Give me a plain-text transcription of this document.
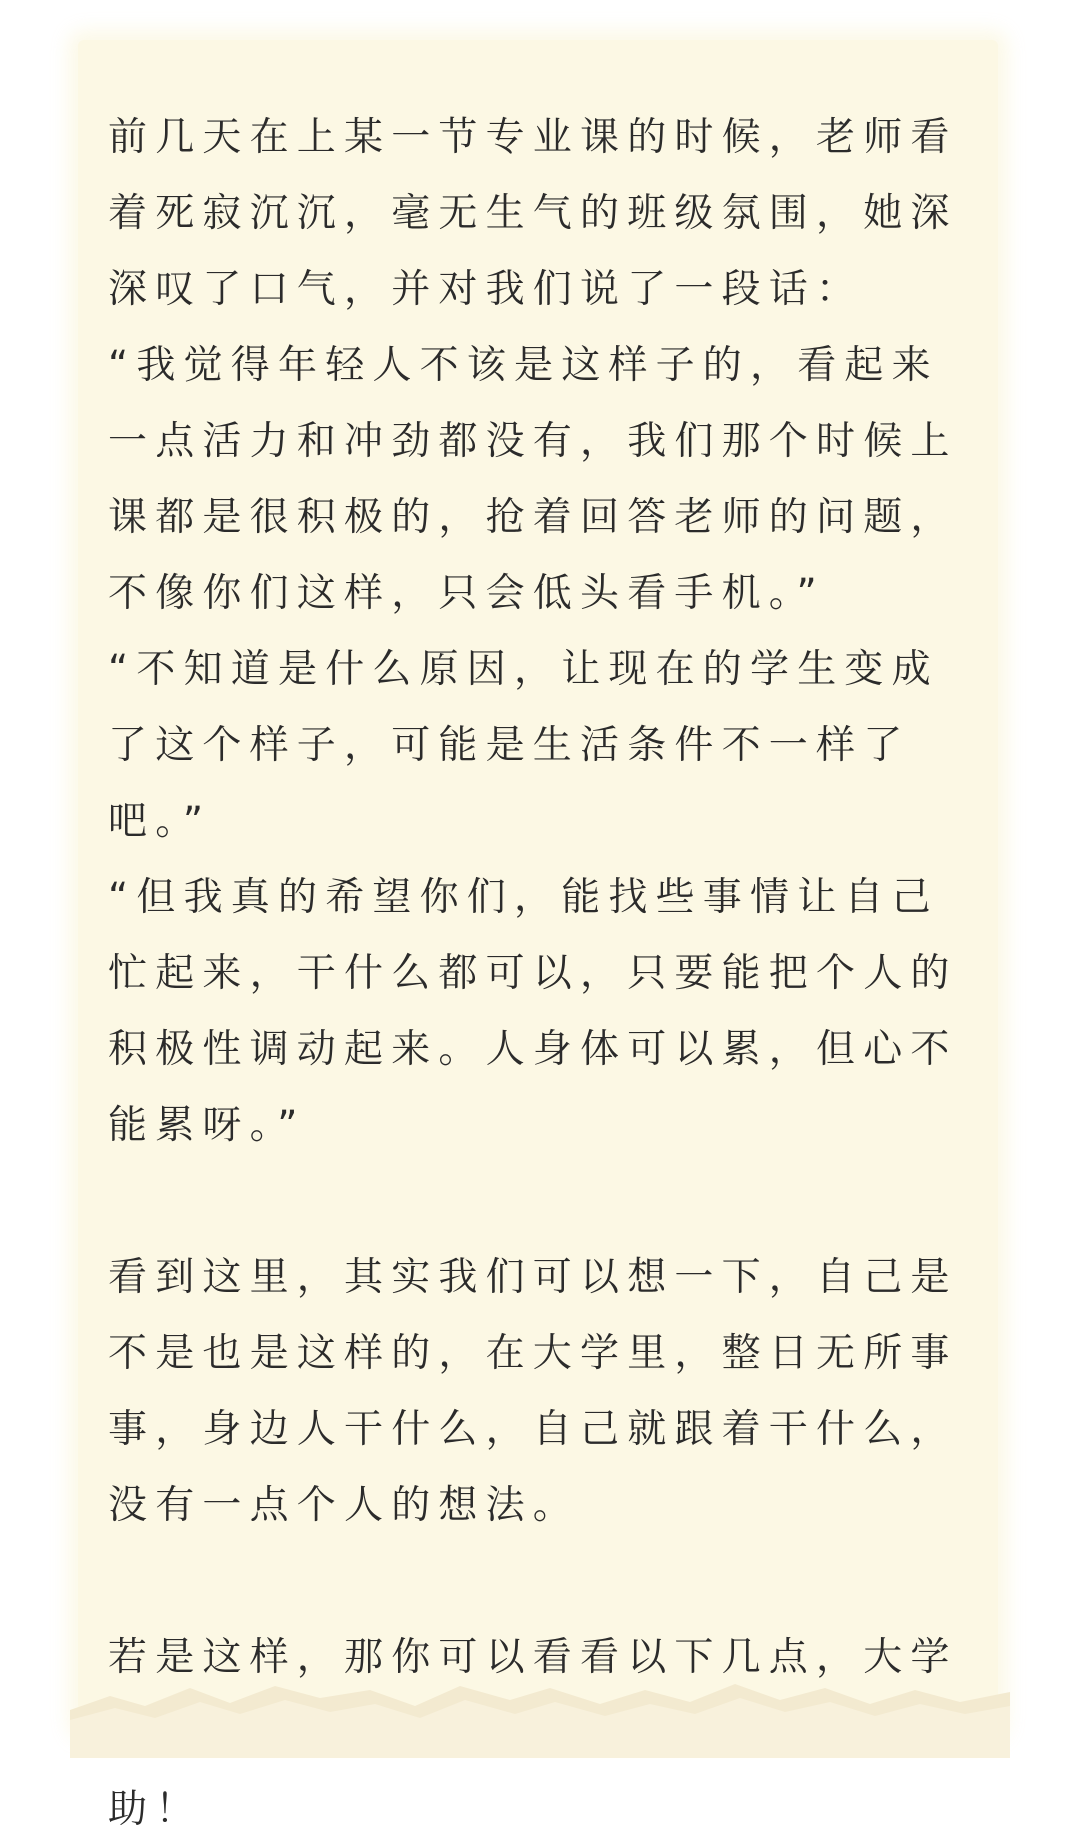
前几天在上某一节专业课的时候，老师看着死寂沉沉，毫无生气的班级氛围，她深深叹了口气，并对我们说了一段话：

“我觉得年轻人不该是这样子的，看起来一点活力和冲劲都没有，我们那个时候上课都是很积极的，抢着回答老师的问题，不像你们这样，只会低头看手机。”

“不知道是什么原因，让现在的学生变成了这个样子，可能是生活条件不一样了吧。”

“但我真的希望你们，能找些事情让自己忙起来，干什么都可以，只要能把个人的积极性调动起来。人身体可以累，但心不能累呀。”

看到这里，其实我们可以想一下，自己是不是也是这样的，在大学里，整日无所事事，身边人干什么，自己就跟着干什么，没有一点个人的想法。

若是这样，那你可以看看以下几点，大学 助！
